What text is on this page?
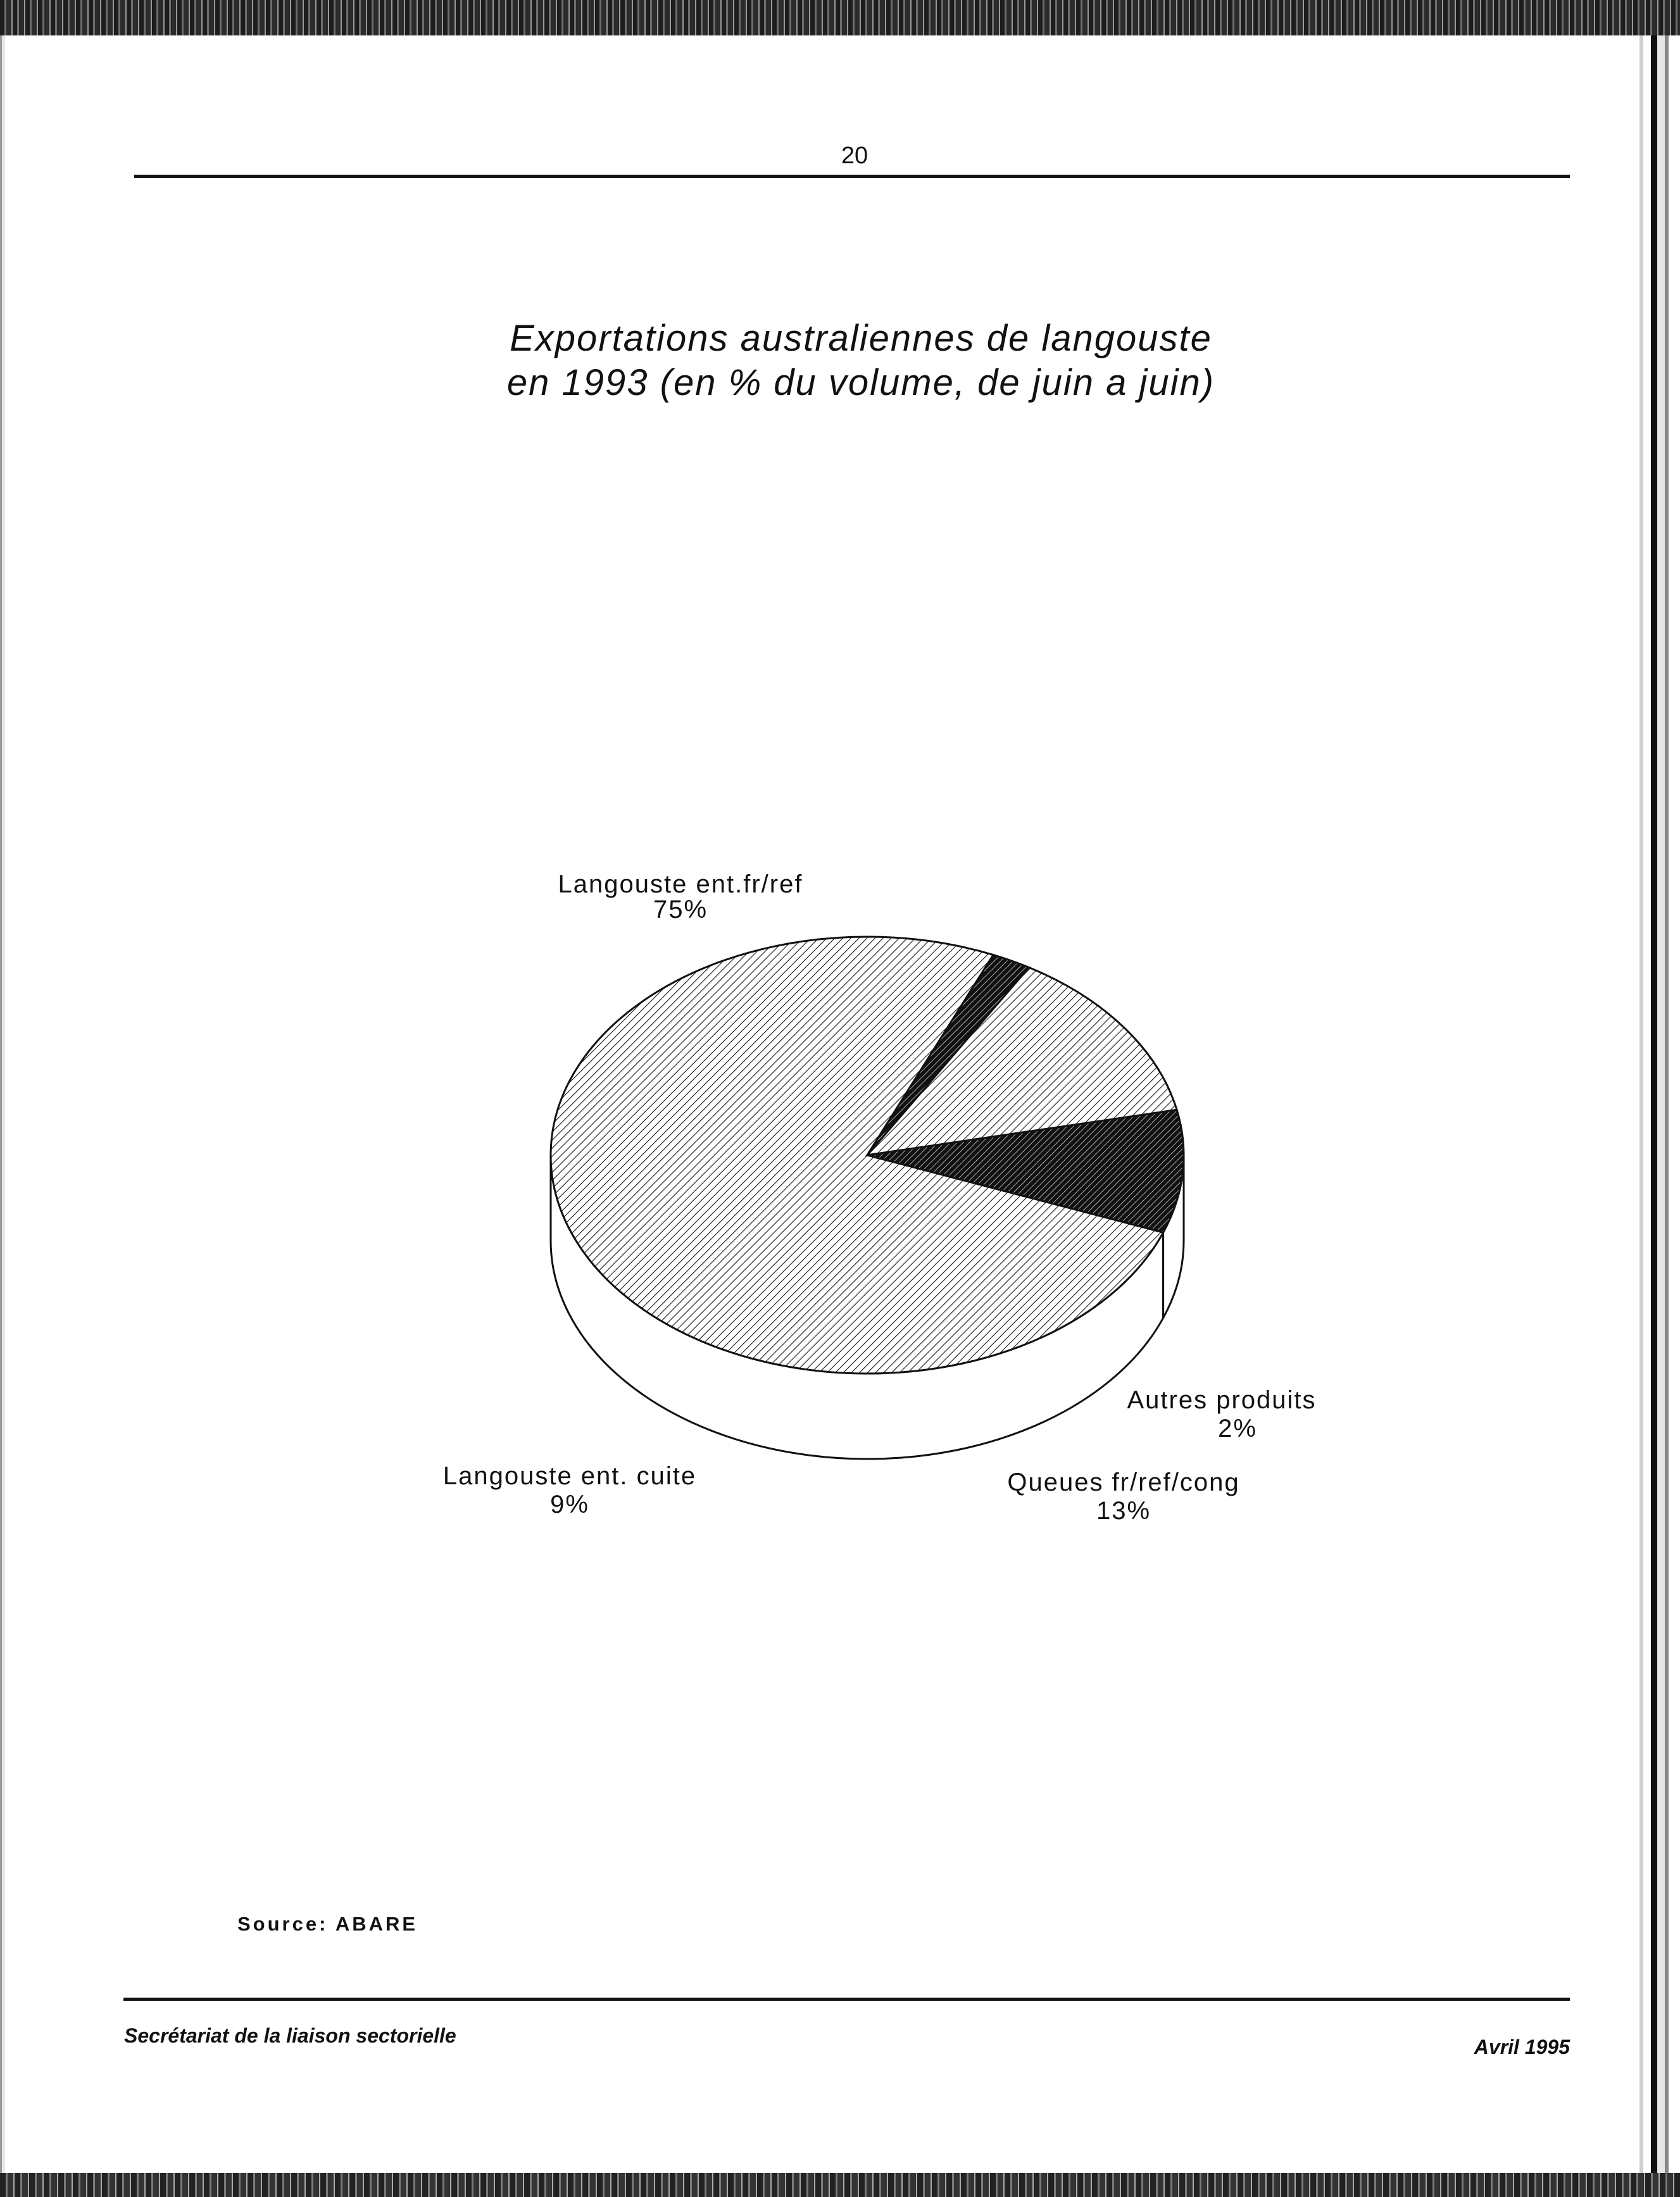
20
Exportations australiennes de langouste
en 1993 (en % du volume, de juin a juin)
Langouste ent.fr/ref
75%
Autres produits
2%
Queues fr/ref/cong
13%
Langouste ent. cuite
9%
Source: ABARE
Secrétariat de la liaison sectorielle	Avril 1995
